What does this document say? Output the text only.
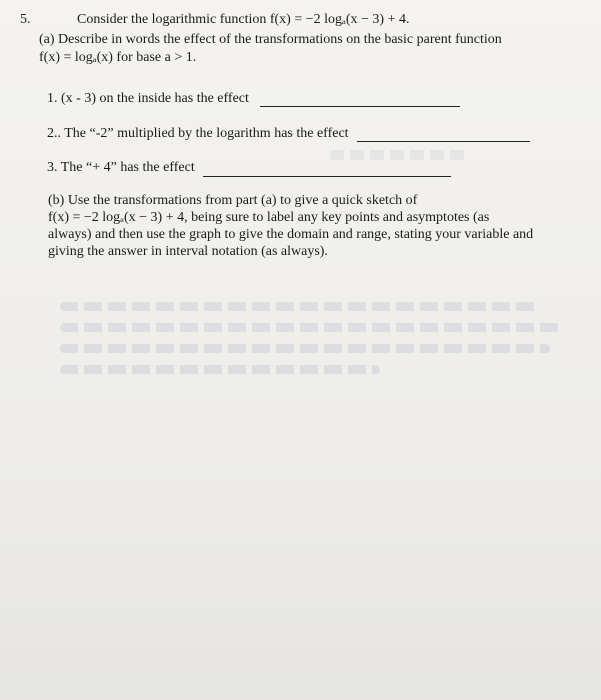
5.	Consider the logarithmic function f(x) = −2 logₐ(x − 3) + 4.
(a) Describe in words the effect of the transformations on the basic parent function
f(x) = logₐ(x) for base a > 1.
1. (x - 3) on the inside has the effect
2.. The “-2” multiplied by the logarithm has the effect
3. The “+ 4” has the effect
(b) Use the transformations from part (a) to give a quick sketch of
f(x) = −2 logₐ(x − 3) + 4, being sure to label any key points and asymptotes (as
always) and then use the graph to give the domain and range, stating your variable and
giving the answer in interval notation (as always).
